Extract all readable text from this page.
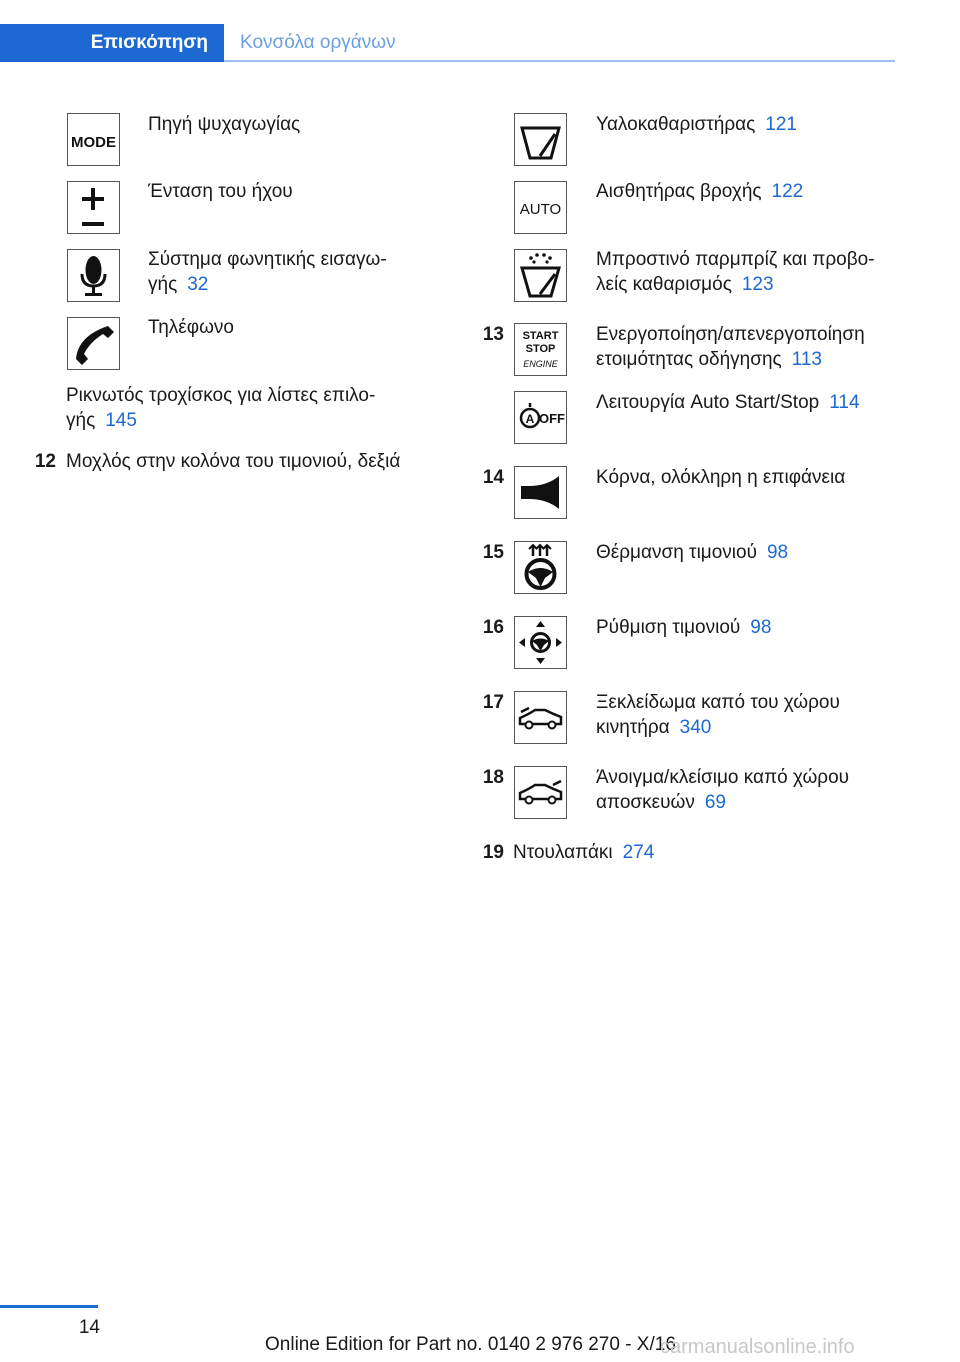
Επισκόπηση	Κονσόλα οργάνων
MODE
Πηγή ψυχαγωγίας
Ένταση του ήχου
Σύστημα φωνητικής εισαγω-
γής 32
Τηλέφωνο
Ρικνωτός τροχίσκος για λίστες επιλο-
γής 145
12 Μοχλός στην κολόνα του τιμονιού, δεξιά
Υαλοκαθαριστήρας 121
AUTO
Αισθητήρας βροχής 122
Μπροστινό παρμπρίζ και προβο-
λείς καθαρισμός 123
13 START
STOP
ENGINE
Ενεργοποίηση/απενεργοποίηση
ετοιμότητας οδήγησης 113
A OFF
Λειτουργία Auto Start/Stop 114
14	Κόρνα, ολόκληρη η επιφάνεια
15	Θέρμανση τιμονιού 98
16	Ρύθμιση τιμονιού 98
17	Ξεκλείδωμα καπό του χώρου
κινητήρα 340
18	Άνοιγμα/κλείσιμο καπό χώρου
αποσκευών 69
19 Ντουλαπάκι 274
14
Online Edition for Part no. 0140 2 976 270 - X/16
carmanualsonline.info
